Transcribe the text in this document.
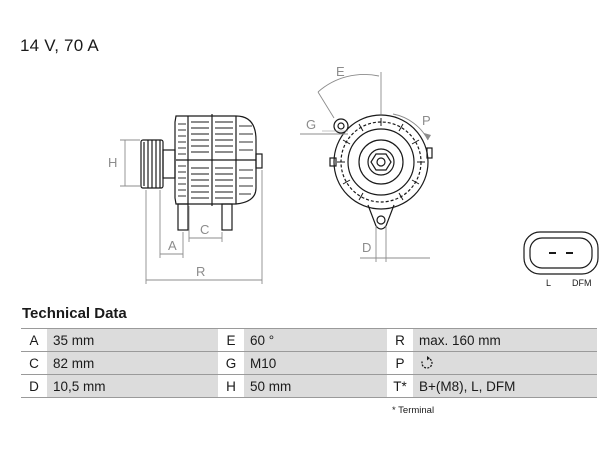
14 V, 70 A
H
A
C
R
E
P
G
D
L DFM
Technical Data
A	35 mm	E	60 °	R	max. 160 mm
C	82 mm	G	M10	P	
D	10,5 mm	H	50 mm	T*	B+(M8), L, DFM
* Terminal
